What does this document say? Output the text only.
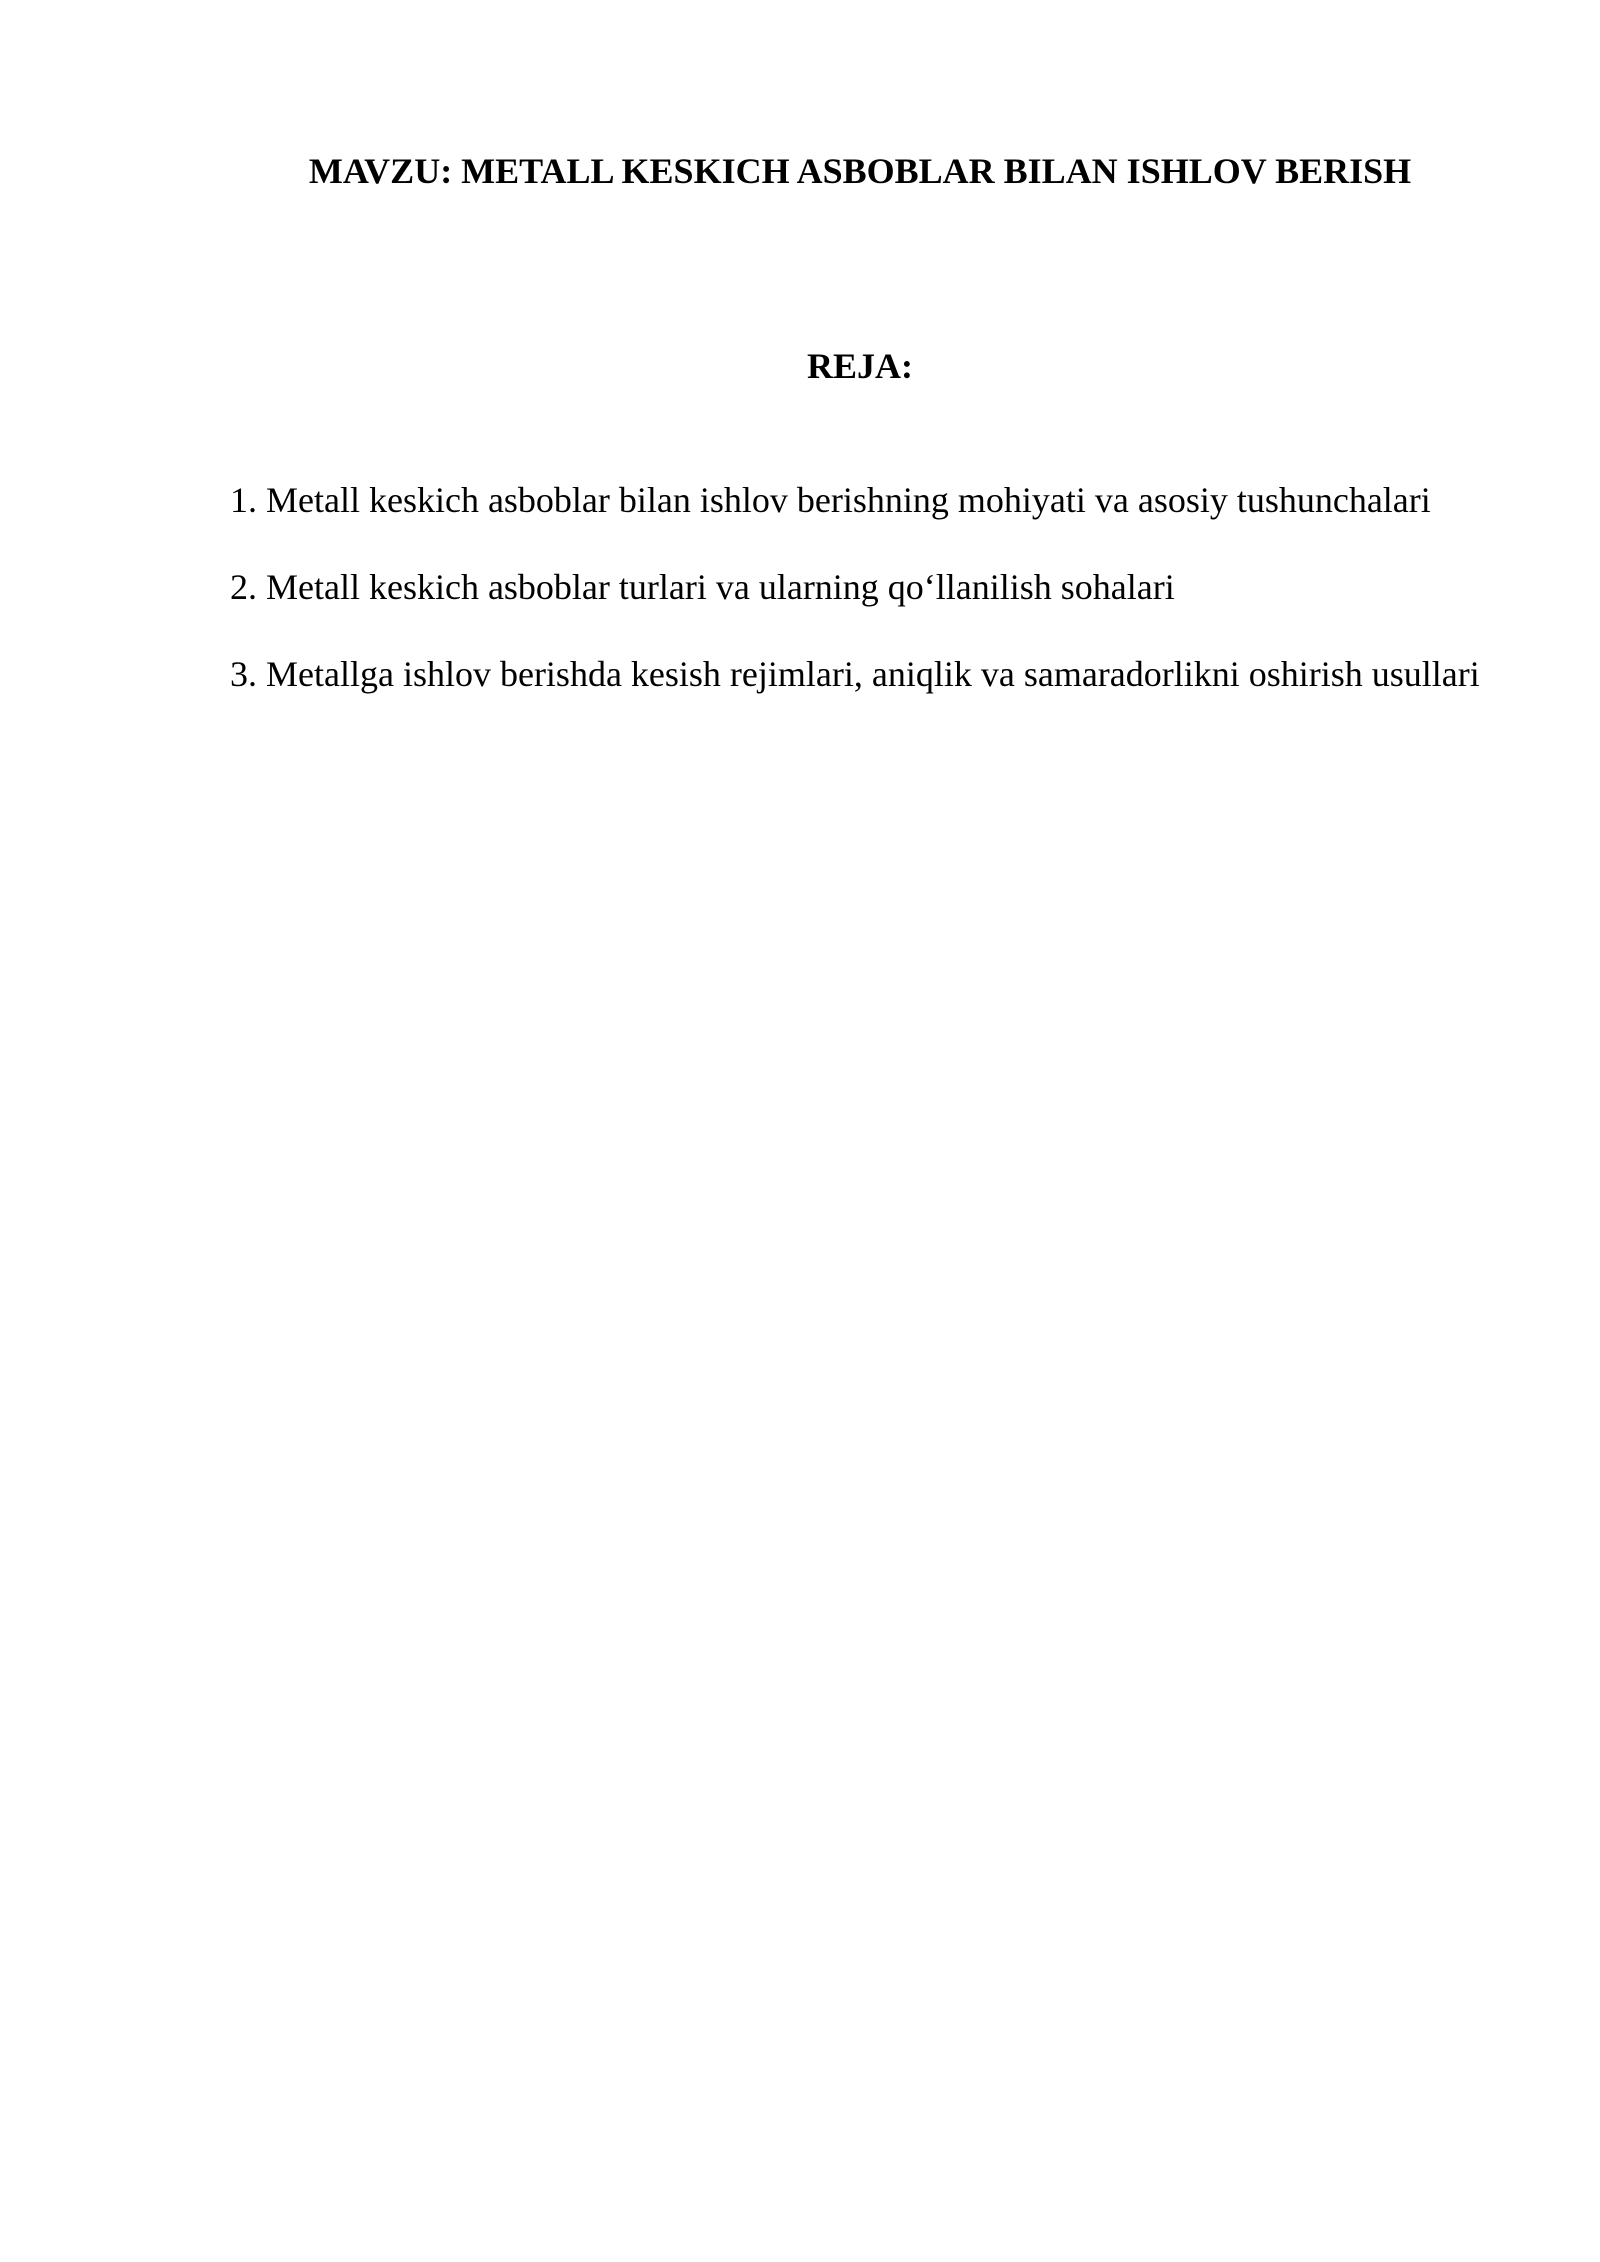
MAVZU: METALL KESKICH ASBOBLAR BILAN ISHLOV BERISH
REJA:
1. Metall keskich asboblar bilan ishlov berishning mohiyati va asosiy tushunchalari
2. Metall keskich asboblar turlari va ularning qo‘llanilish sohalari
3. Metallga ishlov berishda kesish rejimlari, aniqlik va samaradorlikni oshirish usullari
